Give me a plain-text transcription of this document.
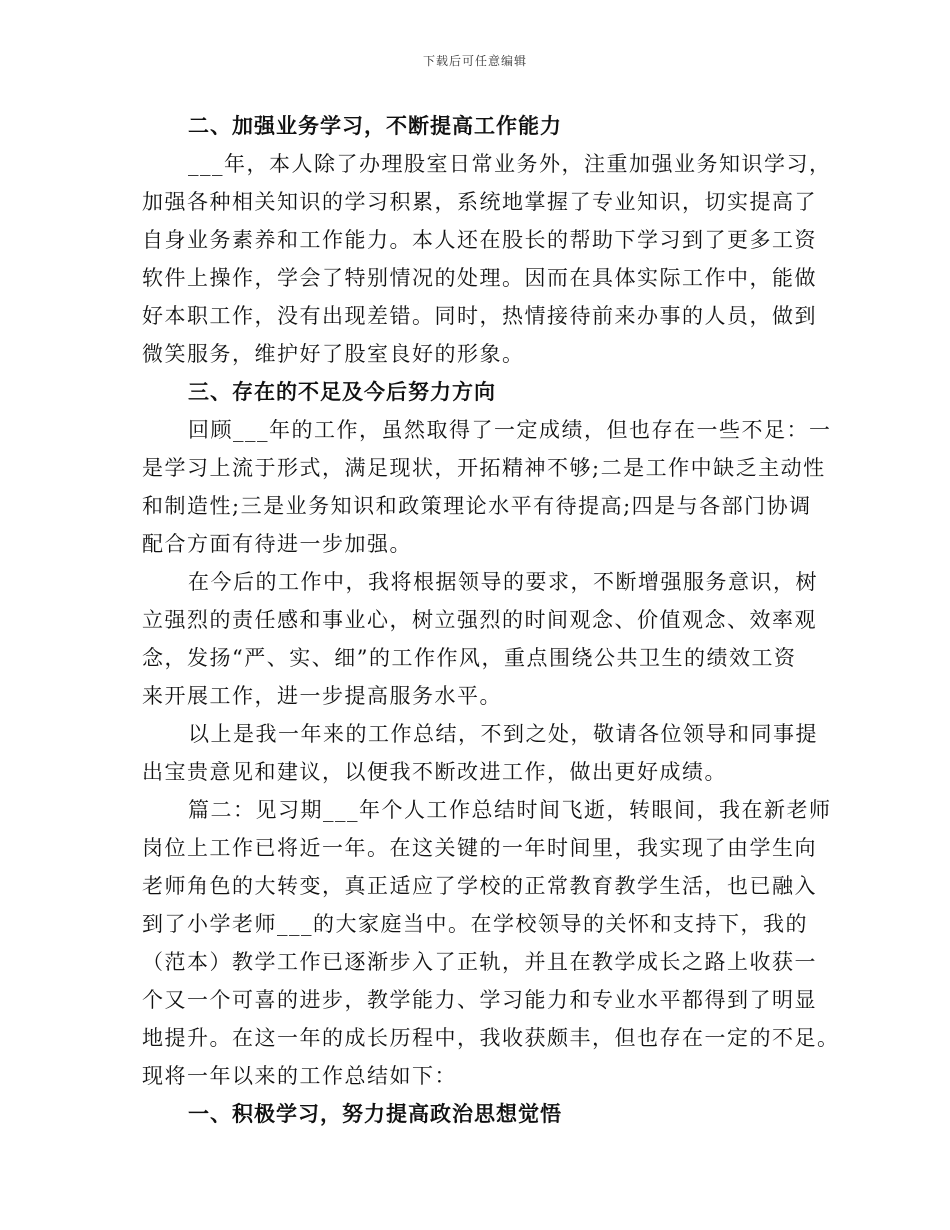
下载后可任意编辑
二、加强业务学习，不断提高工作能力
___年，本人除了办理股室日常业务外，注重加强业务知识学习，
加强各种相关知识的学习积累，系统地掌握了专业知识，切实提高了
自身业务素养和工作能力。本人还在股长的帮助下学习到了更多工资
软件上操作，学会了特别情况的处理。因而在具体实际工作中，能做
好本职工作，没有出现差错。同时，热情接待前来办事的人员，做到
微笑服务，维护好了股室良好的形象。
三、存在的不足及今后努力方向
回顾___年的工作，虽然取得了一定成绩，但也存在一些不足：一
是学习上流于形式，满足现状，开拓精神不够;二是工作中缺乏主动性
和制造性;三是业务知识和政策理论水平有待提高;四是与各部门协调
配合方面有待进一步加强。
在今后的工作中，我将根据领导的要求，不断增强服务意识，树
立强烈的责任感和事业心，树立强烈的时间观念、价值观念、效率观
念，发扬“严、实、细”的工作作风，重点围绕公共卫生的绩效工资
来开展工作，进一步提高服务水平。
以上是我一年来的工作总结，不到之处，敬请各位领导和同事提
出宝贵意见和建议，以便我不断改进工作，做出更好成绩。
篇二：见习期___年个人工作总结时间飞逝，转眼间，我在新老师
岗位上工作已将近一年。在这关键的一年时间里，我实现了由学生向
老师角色的大转变，真正适应了学校的正常教育教学生活，也已融入
到了小学老师___的大家庭当中。在学校领导的关怀和支持下，我的
（范本）教学工作已逐渐步入了正轨，并且在教学成长之路上收获一
个又一个可喜的进步，教学能力、学习能力和专业水平都得到了明显
地提升。在这一年的成长历程中，我收获颇丰，但也存在一定的不足。
现将一年以来的工作总结如下：
一、积极学习，努力提高政治思想觉悟
